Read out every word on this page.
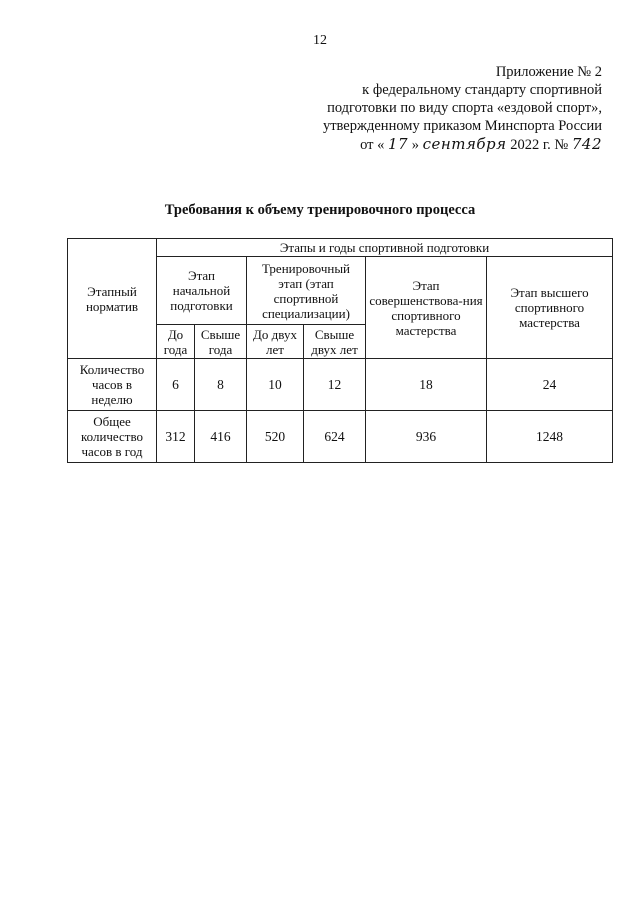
12
Приложение № 2
к федеральному стандарту спортивной
подготовки по виду спорта «ездовой спорт»,
утвержденному приказом Минспорта России
от « 17 » сентября 2022 г. № 742
Требования к объему тренировочного процесса
Этапный норматив	Этапы и годы спортивной подготовки					
	Этап начальной подготовки		Тренировочный этап (этап спортивной специализации)		Этап совершенствова-ния спортивного мастерства	Этап высшего спортивного мастерства
	До года	Свыше года	До двух лет	Свыше двух лет		
Количество часов в неделю	6	8	10	12	18	24
Общее количество часов в год	312	416	520	624	936	1248
